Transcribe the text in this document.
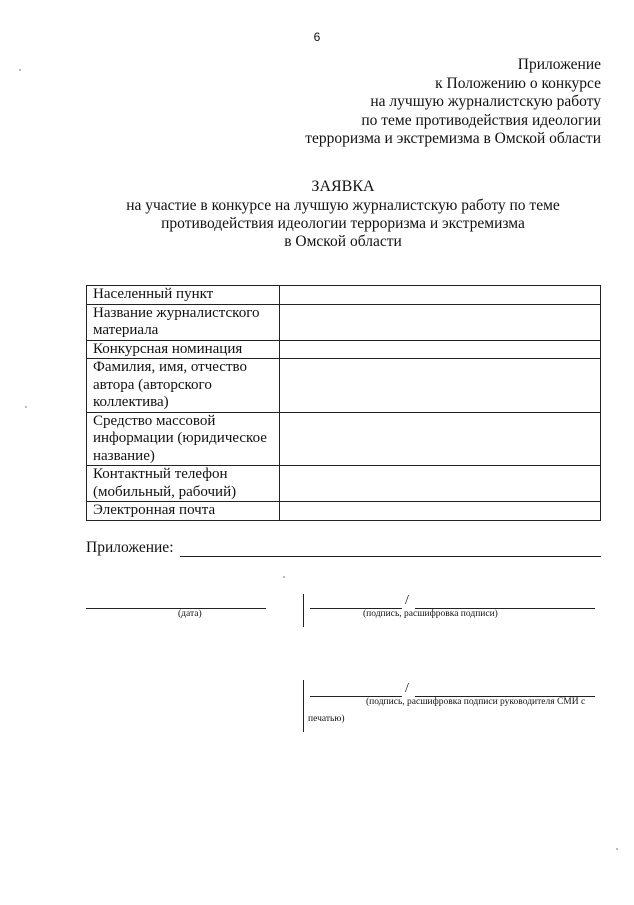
6
Приложение
к Положению о конкурсе
на лучшую журналистскую работу
по теме противодействия идеологии
терроризма и экстремизма в Омской области
ЗАЯВКА
на участие в конкурсе на лучшую журналистскую работу по теме
противодействия идеологии терроризма и экстремизма
в Омской области
Населенный пункт	
Название журналистского материала	
Конкурсная номинация	
Фамилия, имя, отчество автора (авторского коллектива)	
Средство массовой информации (юридическое название)	
Контактный телефон (мобильный, рабочий)	
Электронная почта	
Приложение:
(дата)
/
(подпись, расшифровка подписи)
/
(подпись, расшифровка подписи руководителя СМИ с
печатью)
